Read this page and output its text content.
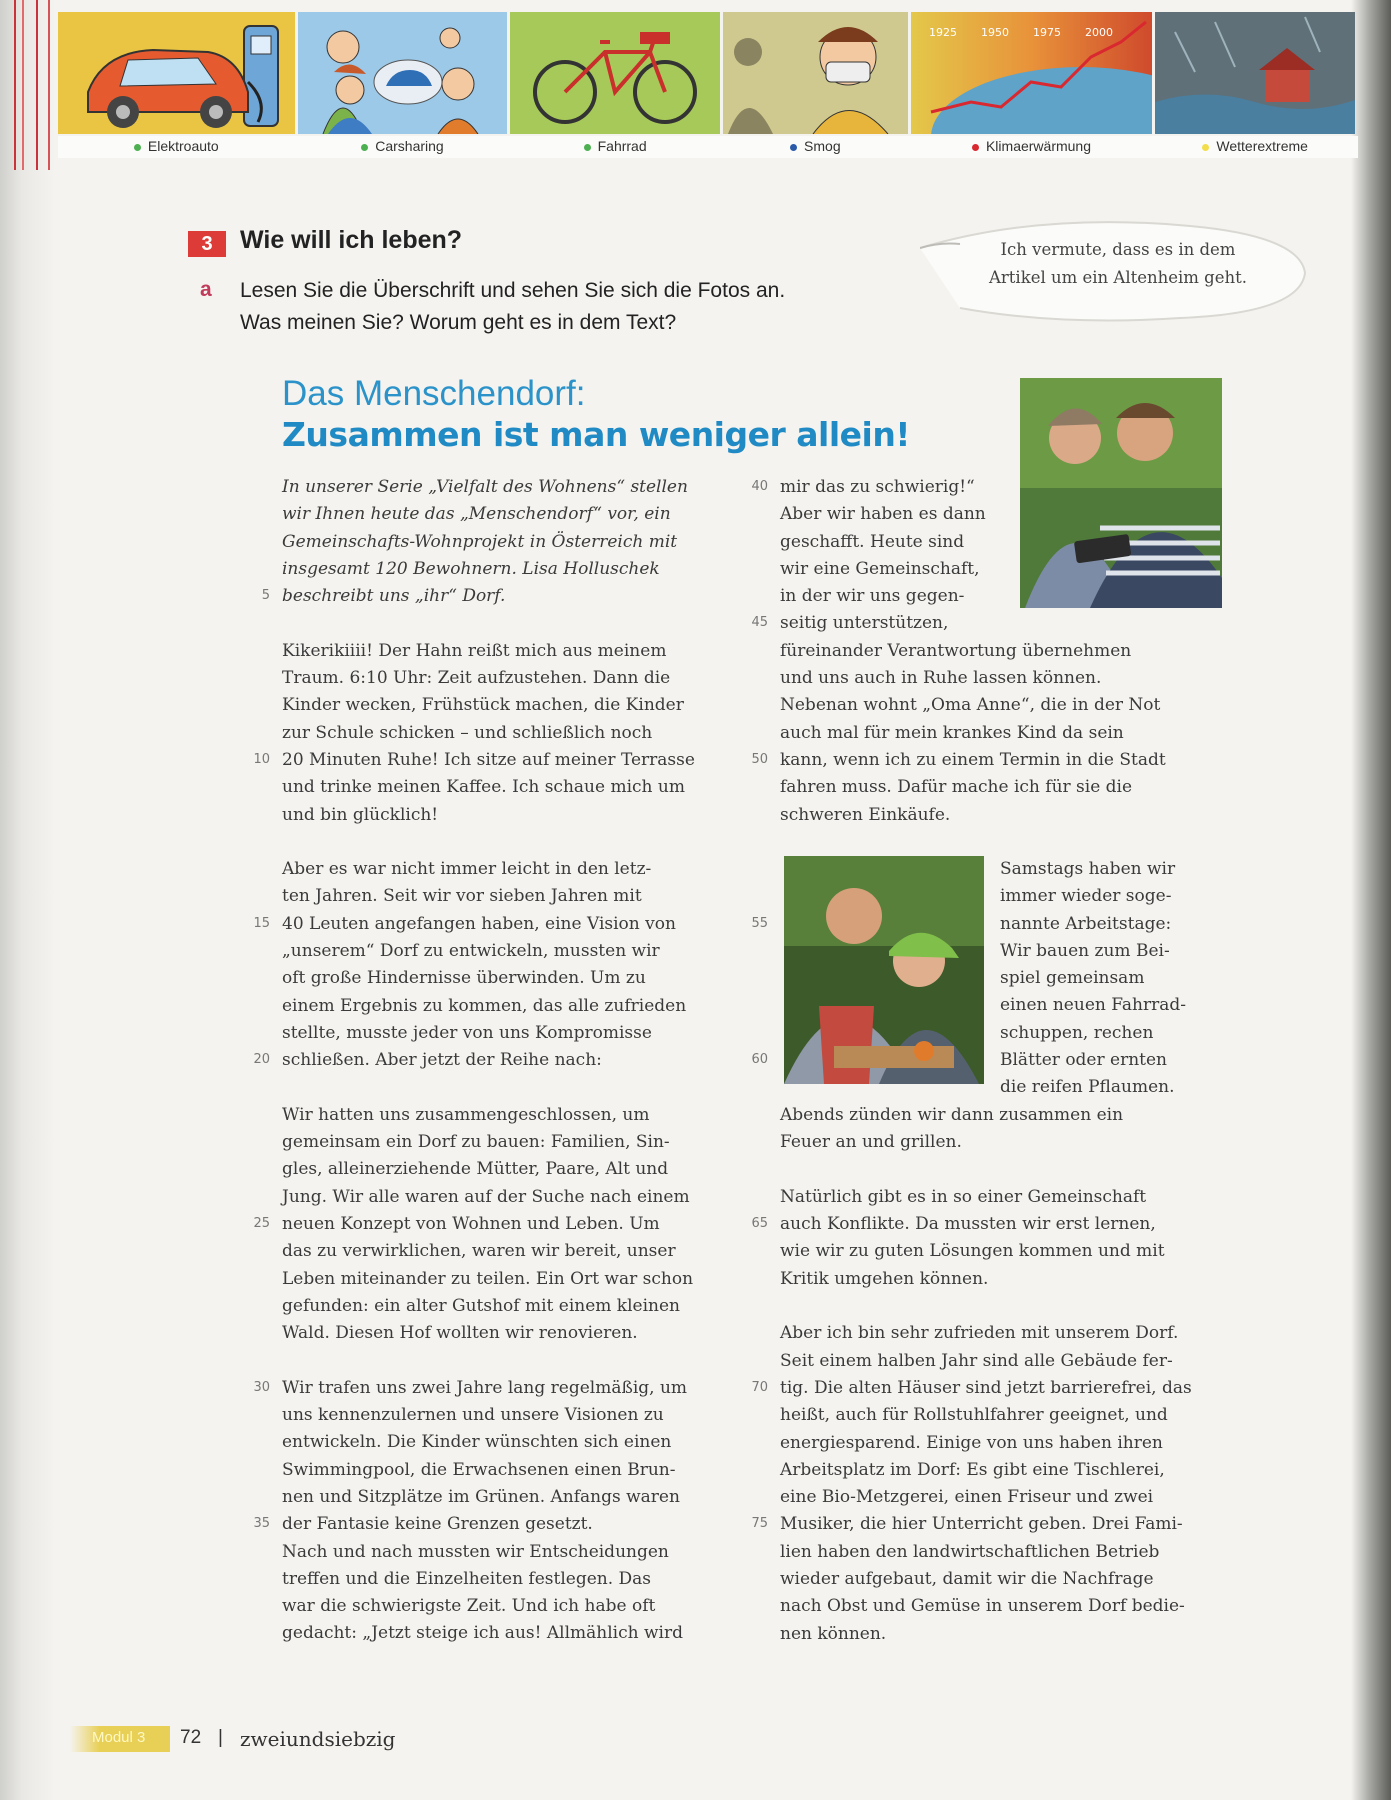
Elektroauto	Carsharing	Fahrrad	Smog
1925 1950 1975 2000
Klimaerwärmung	Wetterextreme
3	Wie will ich leben?
a Lesen Sie die Überschrift und sehen Sie sich die Fotos an.
Was meinen Sie? Worum geht es in dem Text?
Ich vermute, dass es in dem
Artikel um ein Altenheim geht.
Das Menschendorf:
Zusammen ist man weniger allein!

In unserer Serie „Vielfalt des Wohnens“ stellen

wir Ihnen heute das „Menschendorf“ vor, ein

Gemeinschafts-Wohnprojekt in Österreich mit

insgesamt 120 Bewohnern. Lisa Holluschek

beschreibt uns „ihr“ Dorf.

Kikerikiiii! Der Hahn reißt mich aus meinem

Traum. 6:10 Uhr: Zeit aufzustehen. Dann die

Kinder wecken, Frühstück machen, die Kinder

zur Schule schicken – und schließlich noch

20 Minuten Ruhe! Ich sitze auf meiner Terrasse

und trinke meinen Kaffee. Ich schaue mich um

und bin glücklich!

Aber es war nicht immer leicht in den letz-

ten Jahren. Seit wir vor sieben Jahren mit

40 Leuten angefangen haben, eine Vision von

„unserem“ Dorf zu entwickeln, mussten wir

oft große Hindernisse überwinden. Um zu

einem Ergebnis zu kommen, das alle zufrieden

stellte, musste jeder von uns Kompromisse

schließen. Aber jetzt der Reihe nach:

Wir hatten uns zusammengeschlossen, um

gemeinsam ein Dorf zu bauen: Familien, Sin-

gles, alleinerziehende Mütter, Paare, Alt und

Jung. Wir alle waren auf der Suche nach einem

neuen Konzept von Wohnen und Leben. Um

das zu verwirklichen, waren wir bereit, unser

Leben miteinander zu teilen. Ein Ort war schon

gefunden: ein alter Gutshof mit einem kleinen

Wald. Diesen Hof wollten wir renovieren.

Wir trafen uns zwei Jahre lang regelmäßig, um

uns kennenzulernen und unsere Visionen zu

entwickeln. Die Kinder wünschten sich einen

Swimmingpool, die Erwachsenen einen Brun-

nen und Sitzplätze im Grünen. Anfangs waren

der Fantasie keine Grenzen gesetzt.

Nach und nach mussten wir Entscheidungen

treffen und die Einzelheiten festlegen. Das

war die schwierigste Zeit. Und ich habe oft

gedacht: „Jetzt steige ich aus! Allmählich wird

mir das zu schwierig!“

Aber wir haben es dann

geschafft. Heute sind

wir eine Gemeinschaft,

in der wir uns gegen-

seitig unterstützen,

füreinander Verantwortung übernehmen

und uns auch in Ruhe lassen können.

Nebenan wohnt „Oma Anne“, die in der Not

auch mal für mein krankes Kind da sein

kann, wenn ich zu einem Termin in die Stadt

fahren muss. Dafür mache ich für sie die

schweren Einkäufe.

Samstags haben wir

immer wieder soge-

nannte Arbeitstage:

Wir bauen zum Bei-

spiel gemeinsam

einen neuen Fahrrad-

schuppen, rechen

Blätter oder ernten

die reifen Pflaumen.

Abends zünden wir dann zusammen ein

Feuer an und grillen.

Natürlich gibt es in so einer Gemeinschaft

auch Konflikte. Da mussten wir erst lernen,

wie wir zu guten Lösungen kommen und mit

Kritik umgehen können.

Aber ich bin sehr zufrieden mit unserem Dorf.

Seit einem halben Jahr sind alle Gebäude fer-

tig. Die alten Häuser sind jetzt barrierefrei, das

heißt, auch für Rollstuhlfahrer geeignet, und

energiesparend. Einige von uns haben ihren

Arbeitsplatz im Dorf: Es gibt eine Tischlerei,

eine Bio-Metzgerei, einen Friseur und zwei

Musiker, die hier Unterricht geben. Drei Fami-

lien haben den landwirtschaftlichen Betrieb

wieder aufgebaut, damit wir die Nachfrage

nach Obst und Gemüse in unserem Dorf bedie-

nen können.

5
10
15
20
25
30
35
40
45
50
55
60
65
70
75
Modul 3 72 | zweiundsiebzig
